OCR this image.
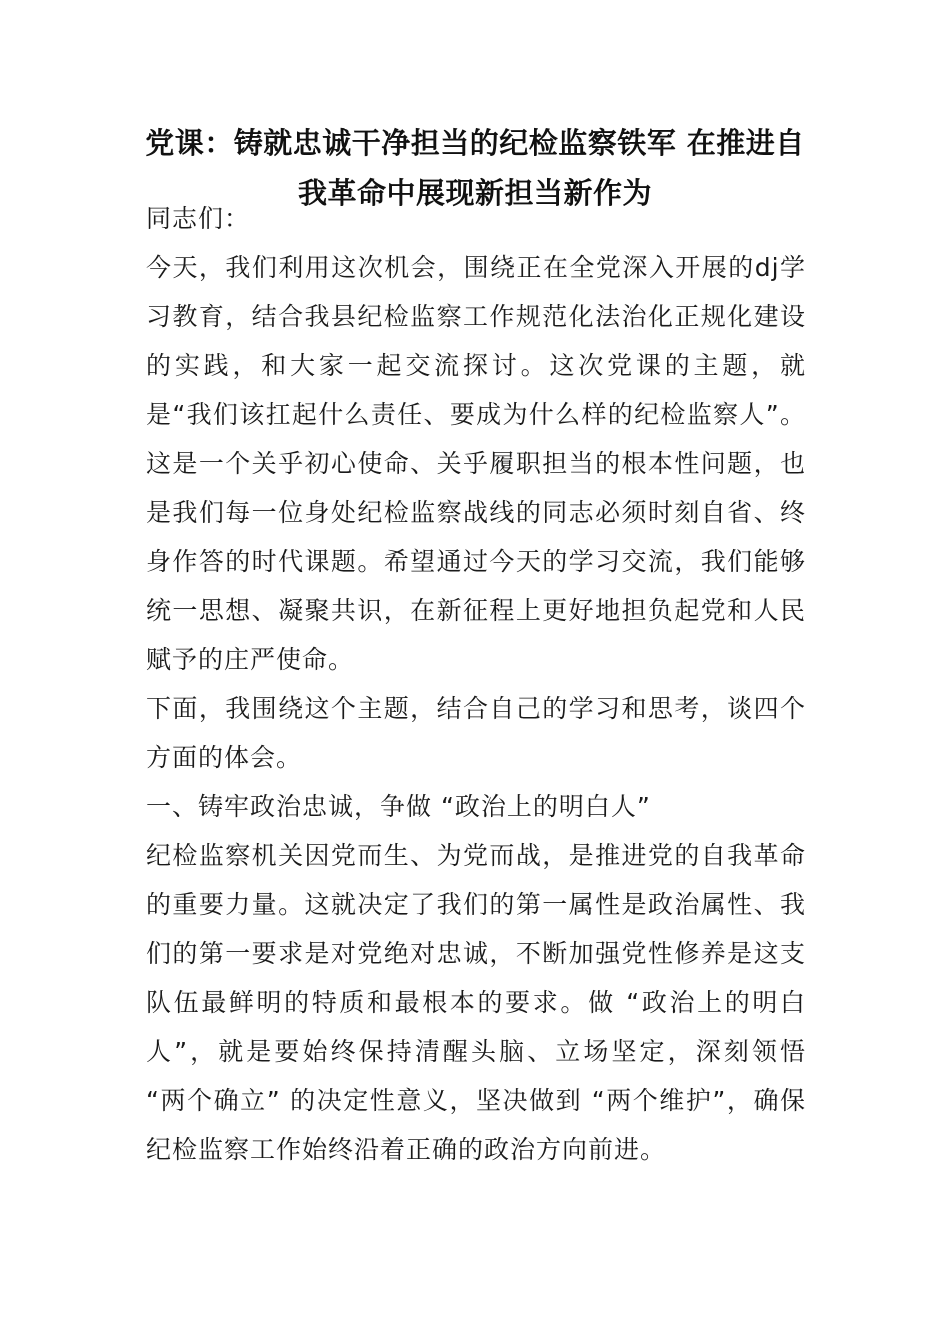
党课：铸就忠诚干净担当的纪检监察铁军 在推进自我革命中展现新担当新作为

同志们：

今天，我们利用这次机会，围绕正在全党深入开展的dj学习教育，结合我县纪检监察工作规范化法治化正规化建设的实践，和大家一起交流探讨。这次党课的主题，就是“我们该扛起什么责任、要成为什么样的纪检监察人”。这是一个关乎初心使命、关乎履职担当的根本性问题，也是我们每一位身处纪检监察战线的同志必须时刻自省、终身作答的时代课题。希望通过今天的学习交流，我们能够统一思想、凝聚共识，在新征程上更好地担负起党和人民赋予的庄严使命。

下面，我围绕这个主题，结合自己的学习和思考，谈四个方面的体会。

一、铸牢政治忠诚，争做 “政治上的明白人”

纪检监察机关因党而生、为党而战，是推进党的自我革命的重要力量。这就决定了我们的第一属性是政治属性、我们的第一要求是对党绝对忠诚，不断加强党性修养是这支队伍最鲜明的特质和最根本的要求。做 “政治上的明白人”，就是要始终保持清醒头脑、立场坚定，深刻领悟 “两个确立” 的决定性意义，坚决做到 “两个维护”，确保纪检监察工作始终沿着正确的政治方向前进。
